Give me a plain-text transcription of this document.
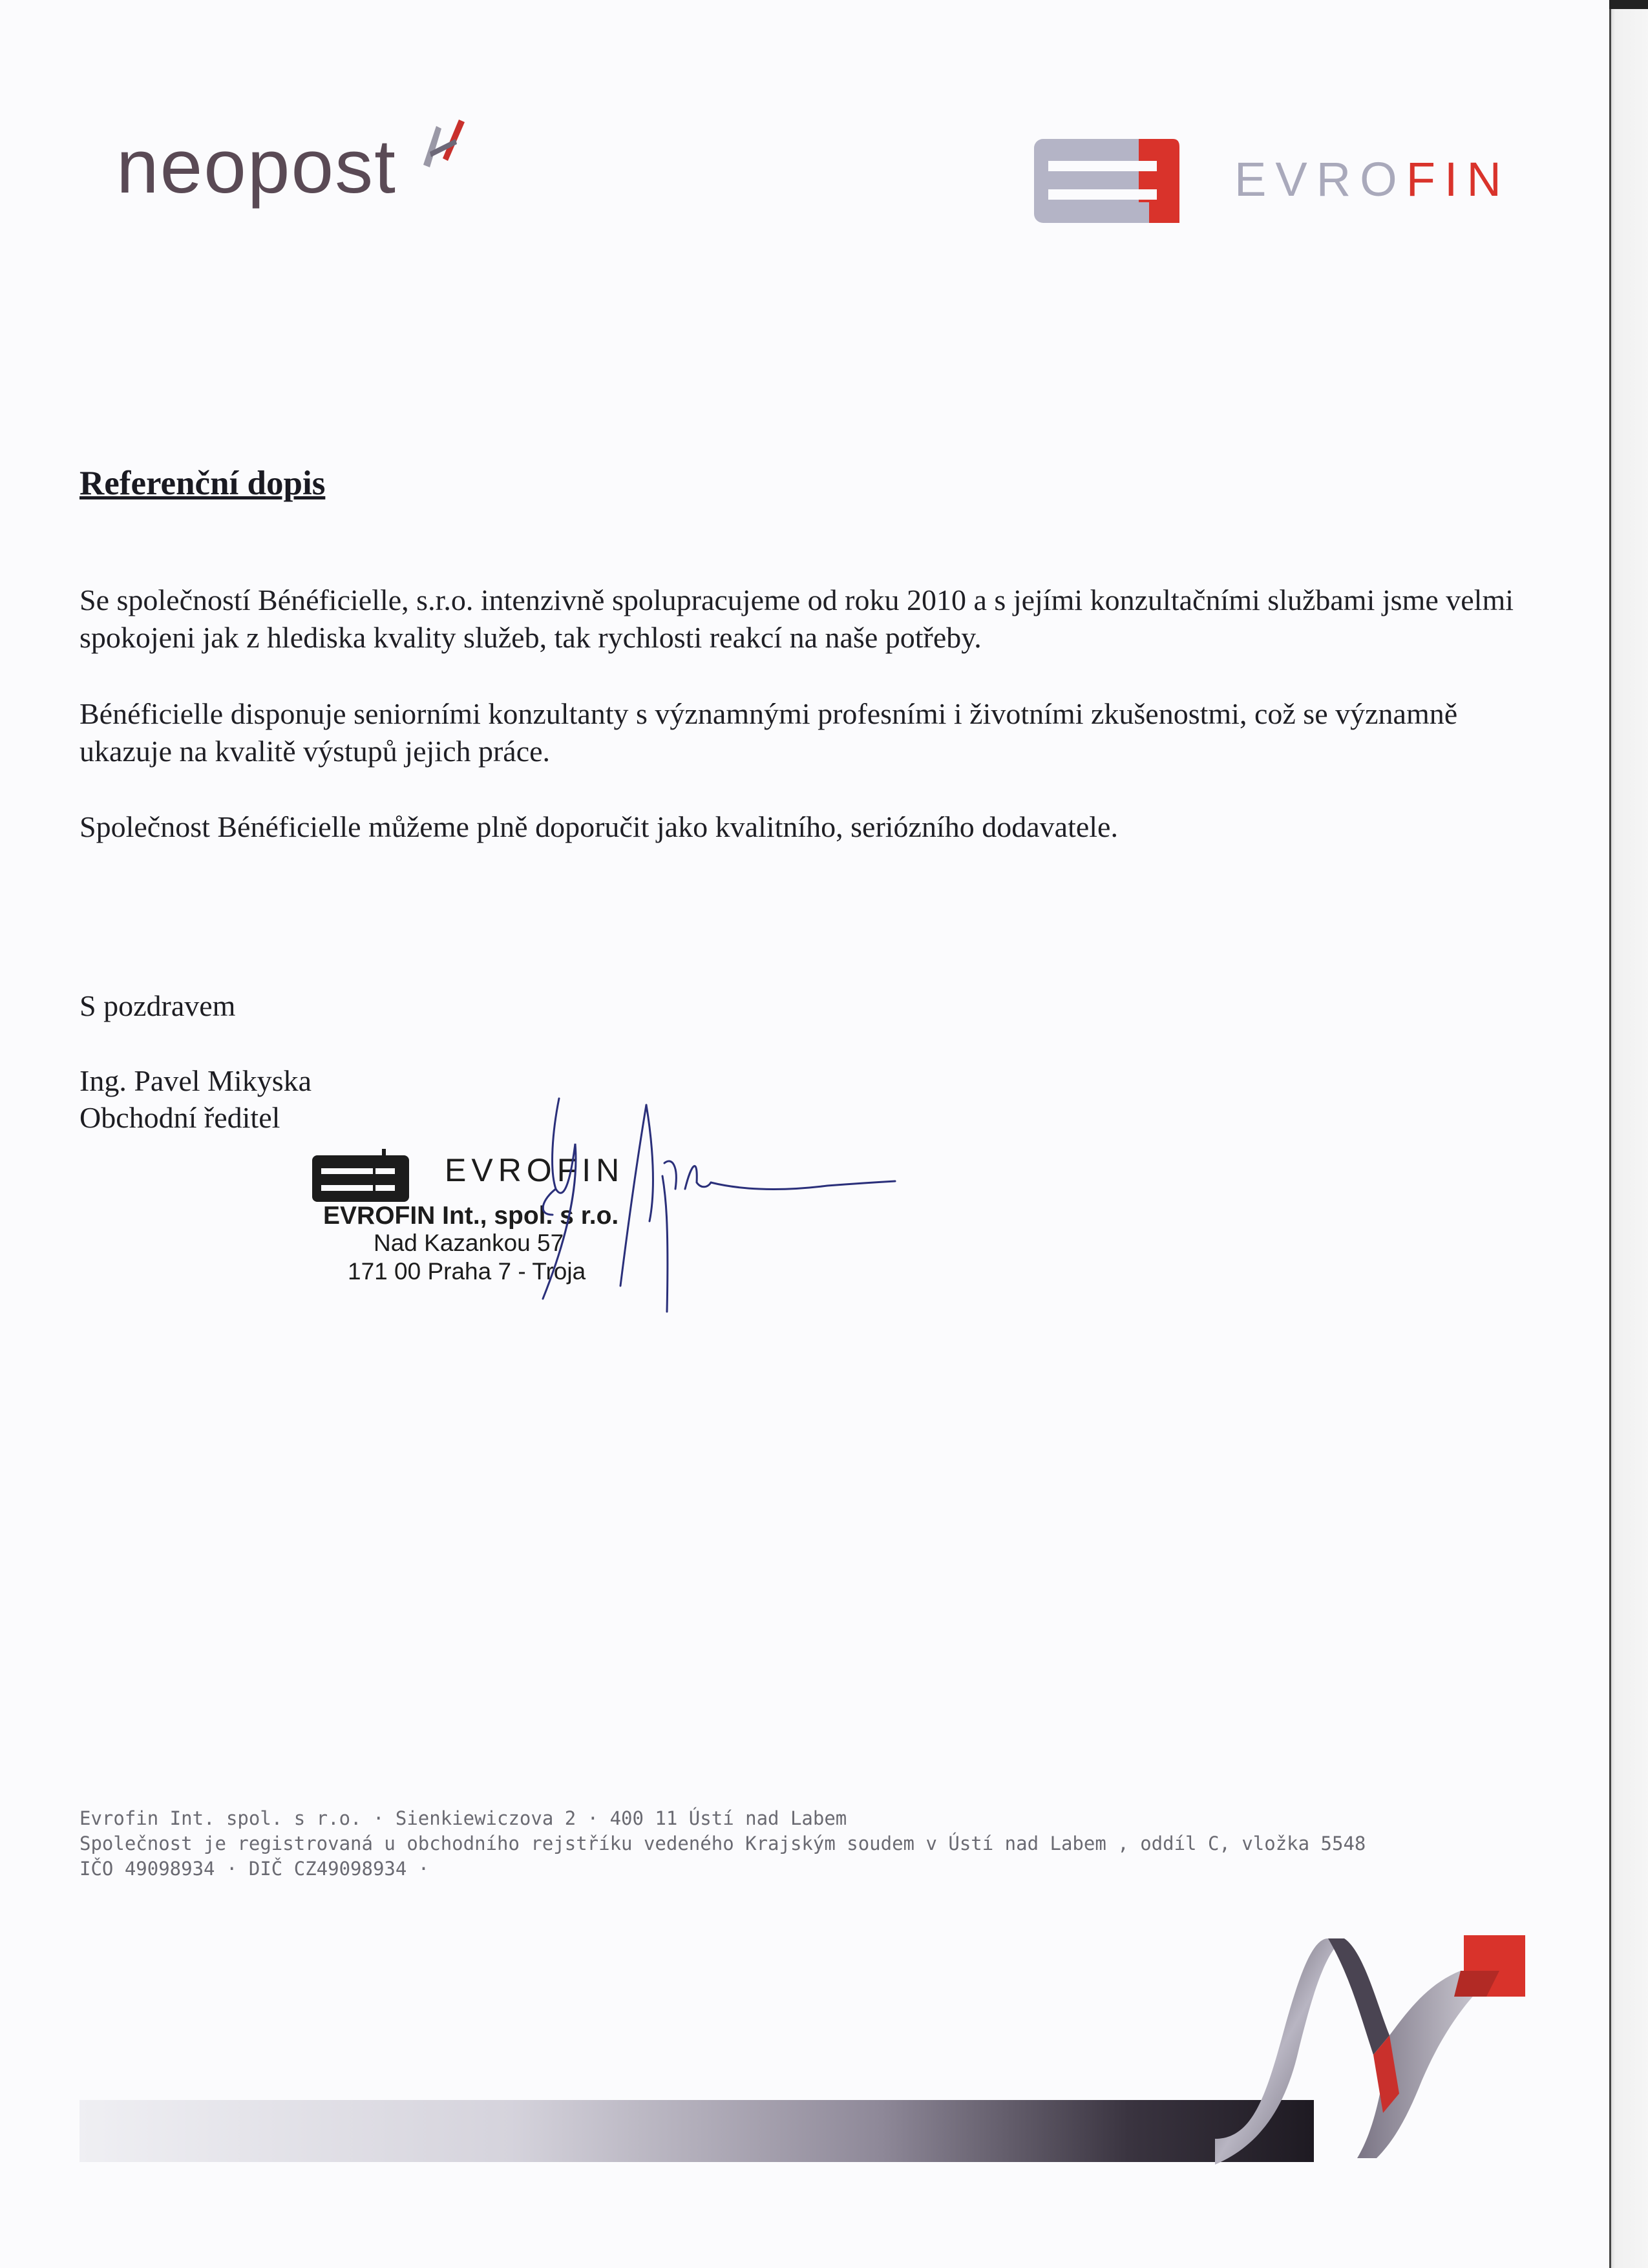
neopost	EVROFIN
Referenční dopis
Se společností Bénéficielle, s.r.o. intenzivně spolupracujeme od roku 2010 a s jejími konzultačními službami jsme velmi spokojeni jak z hlediska kvality služeb, tak rychlosti reakcí na naše potřeby.
Bénéficielle disponuje seniorními konzultanty s významnými profesními i životními zkušenostmi, což se významně ukazuje na kvalitě výstupů jejich práce.
Společnost Bénéficielle můžeme plně doporučit jako kvalitního, seriózního dodavatele.
S pozdravem
Ing. Pavel Mikyska
Obchodní ředitel
EVROFIN
EVROFIN Int., spol. s r.o.
Nad Kazankou 57
171 00 Praha 7 - Troja
Evrofin Int. spol. s r.o. · Sienkiewiczova 2 · 400 11 Ústí nad Labem
Společnost je registrovaná u obchodního rejstříku vedeného Krajským soudem v Ústí nad Labem , oddíl C, vložka 5548
IČO 49098934 · DIČ CZ49098934 ·
